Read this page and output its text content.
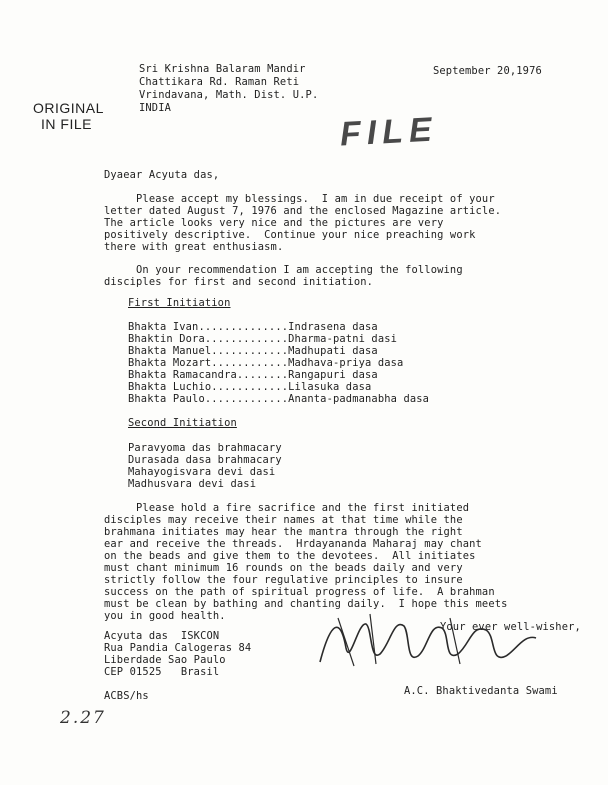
Sri Krishna Balaram Mandir
Chattikara Rd. Raman Reti
Vrindavana, Math. Dist. U.P.
INDIA
September 20,1976
ORIGINAL
IN FILE	FILE
Dyaear Acyuta das,
Please accept my blessings.  I am in due receipt of your
letter dated August 7, 1976 and the enclosed Magazine article.
The article looks very nice and the pictures are very
positively descriptive.  Continue your nice preaching work
there with great enthusiasm.
On your recommendation I am accepting the following
disciples for first and second initiation.
First Initiation
Bhakta Ivan..............Indrasena dasa
Bhaktin Dora.............Dharma-patni dasi
Bhakta Manuel............Madhupati dasa
Bhakta Mozart............Madhava-priya dasa
Bhakta Ramacandra........Rangapuri dasa
Bhakta Luchio............Lilasuka dasa
Bhakta Paulo.............Ananta-padmanabha dasa
Second Initiation
Paravyoma das brahmacary
Durasada dasa brahmacary
Mahayogisvara devi dasi
Madhusvara devi dasi
Please hold a fire sacrifice and the first initiated
disciples may receive their names at that time while the
brahmana initiates may hear the mantra through the right
ear and receive the threads.  Hrdayananda Maharaj may chant
on the beads and give them to the devotees.  All initiates
must chant minimum 16 rounds on the beads daily and very
strictly follow the four regulative principles to insure
success on the path of spiritual progress of life.  A brahman
must be clean by bathing and chanting daily.  I hope this meets
you in good health.
Acyuta das  ISKCON
Rua Pandia Calogeras 84
Liberdade Sao Paulo
CEP 01525   Brasil
Your ever well-wisher,
A.C. Bhaktivedanta Swami
ACBS/hs
2.27
